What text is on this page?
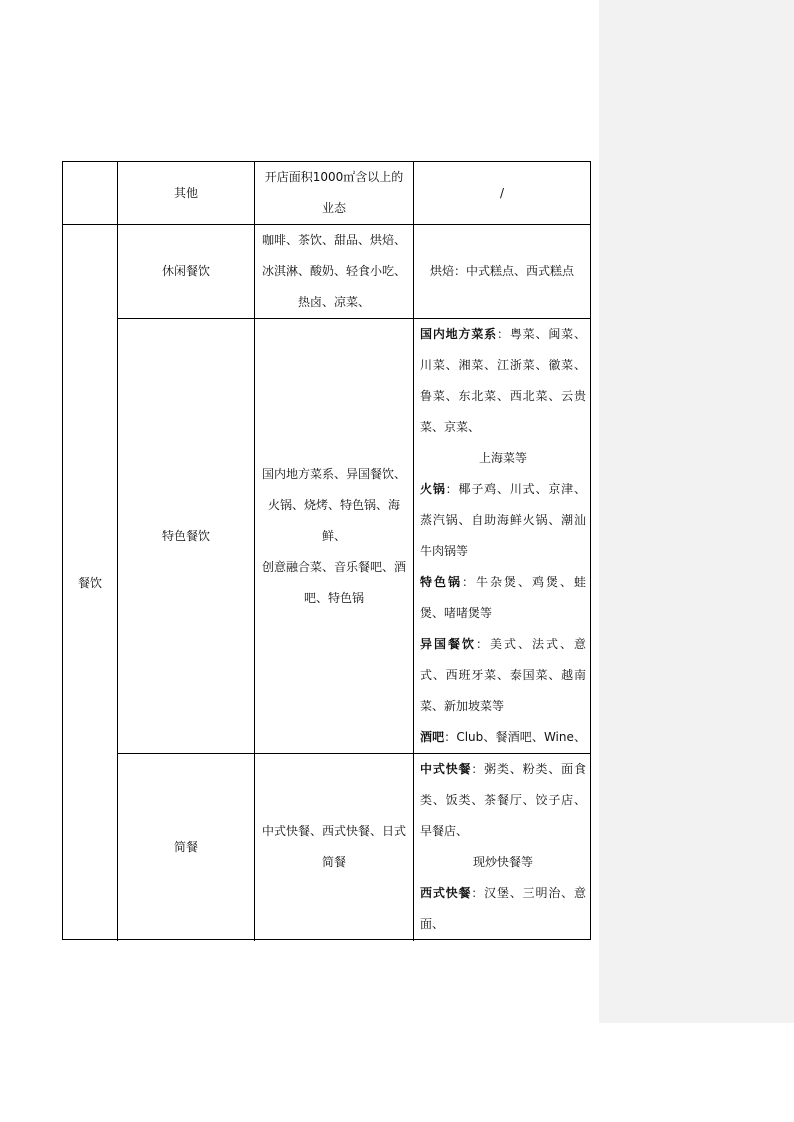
其他
开店面积1000㎡含以上的
业态
/
餐饮
休闲餐饮
咖啡、茶饮、甜品、烘焙、
冰淇淋、酸奶、轻食小吃、
热卤、凉菜、
烘焙：中式糕点、西式糕点
特色餐饮
国内地方菜系、异国餐饮、
火锅、烧烤、特色锅、海鲜、
创意融合菜、音乐餐吧、酒
吧、特色锅

国内地方菜系：粤菜、闽菜、川菜、湘菜、江浙菜、徽菜、鲁菜、东北菜、西北菜、云贵菜、京菜、

上海菜等

火锅：椰子鸡、川式、京津、蒸汽锅、自助海鲜火锅、潮汕牛肉锅等

特色锅：牛杂煲、鸡煲、蛙煲、啫啫煲等

异国餐饮：美式、法式、意式、西班牙菜、泰国菜、越南菜、新加坡菜等

酒吧：Club、餐酒吧、Wine、

简餐
中式快餐、西式快餐、日式
简餐

中式快餐：粥类、粉类、面食类、饭类、茶餐厅、饺子店、早餐店、

现炒快餐等

西式快餐：汉堡、三明治、意面、
